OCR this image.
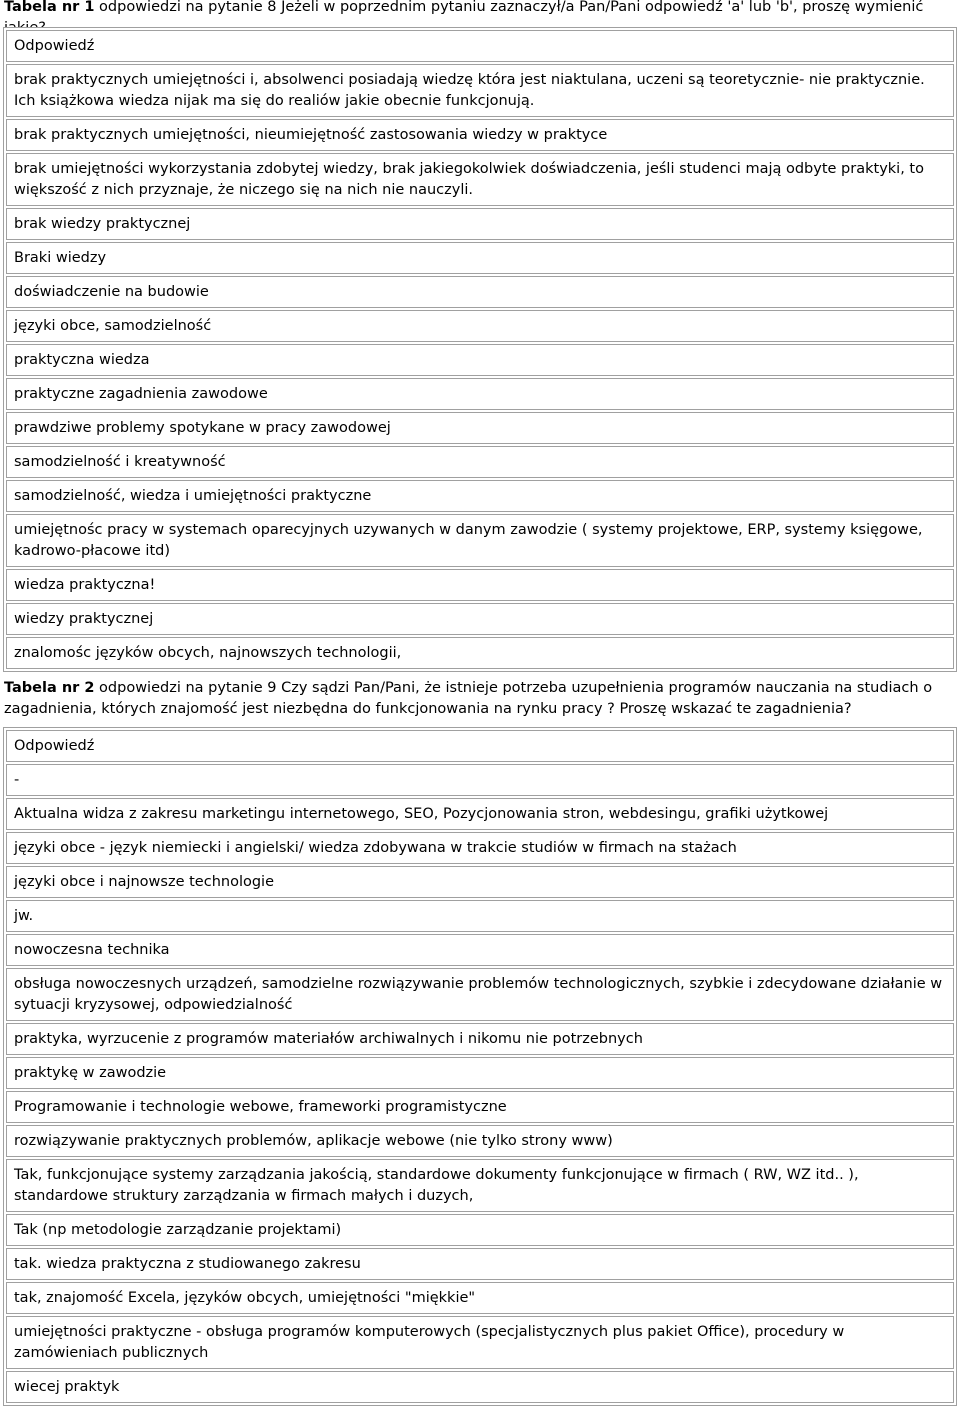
Tabela nr 1 odpowiedzi na pytanie 8 Jeżeli w poprzednim pytaniu zaznaczył/a Pan/Pani odpowiedź 'a' lub 'b', proszę wymienić

Odpowiedź
brak praktycznych umiejętności i, absolwenci posiadają wiedzę która jest niaktulana, uczeni są teoretycznie- nie praktycznie. Ich książkowa wiedza nijak ma się do realiów jakie obecnie funkcjonują.
brak praktycznych umiejętności, nieumiejętność zastosowania wiedzy w praktyce
brak umiejętności wykorzystania zdobytej wiedzy, brak jakiegokolwiek doświadczenia, jeśli studenci mają odbyte praktyki, to większość z nich przyznaje, że niczego się na nich nie nauczyli.
brak wiedzy praktycznej
Braki wiedzy
doświadczenie na budowie
języki obce, samodzielność
praktyczna wiedza
praktyczne zagadnienia zawodowe
prawdziwe problemy spotykane w pracy zawodowej
samodzielność i kreatywność
samodzielność, wiedza i umiejętności praktyczne
umiejętnośc pracy w systemach oparecyjnych uzywanych w danym zawodzie ( systemy projektowe, ERP, systemy księgowe, kadrowo-płacowe itd)
wiedza praktyczna!
wiedzy praktycznej
znalomośc języków obcych, najnowszych technologii,

Tabela nr 2 odpowiedzi na pytanie 9 Czy sądzi Pan/Pani, że istnieje potrzeba uzupełnienia programów nauczania na studiach o zagadnienia, których znajomość jest niezbędna do funkcjonowania na rynku pracy ? Proszę wskazać te zagadnienia?

Odpowiedź
-
Aktualna widza z zakresu marketingu internetowego, SEO, Pozycjonowania stron, webdesingu, grafiki użytkowej
języki obce - język niemiecki i angielski/ wiedza zdobywana w trakcie studiów w firmach na stażach
języki obce i najnowsze technologie
jw.
nowoczesna technika
obsługa nowoczesnych urządzeń, samodzielne rozwiązywanie problemów technologicznych, szybkie i zdecydowane działanie w sytuacji kryzysowej, odpowiedzialność
praktyka, wyrzucenie z programów materiałów archiwalnych i nikomu nie potrzebnych
praktykę w zawodzie
Programowanie i technologie webowe, frameworki programistyczne
rozwiązywanie praktycznych problemów, aplikacje webowe (nie tylko strony www)
Tak, funkcjonujące systemy zarządzania jakością, standardowe dokumenty funkcjonujące w firmach ( RW, WZ itd.. ), standardowe struktury zarządzania w firmach małych i duzych,
Tak (np metodologie zarządzanie projektami)
tak. wiedza praktyczna z studiowanego zakresu
tak, znajomość Excela, języków obcych, umiejętności "miękkie"
umiejętności praktyczne - obsługa programów komputerowych (specjalistycznych plus pakiet Office), procedury w zamówieniach publicznych
wiecej praktyk
